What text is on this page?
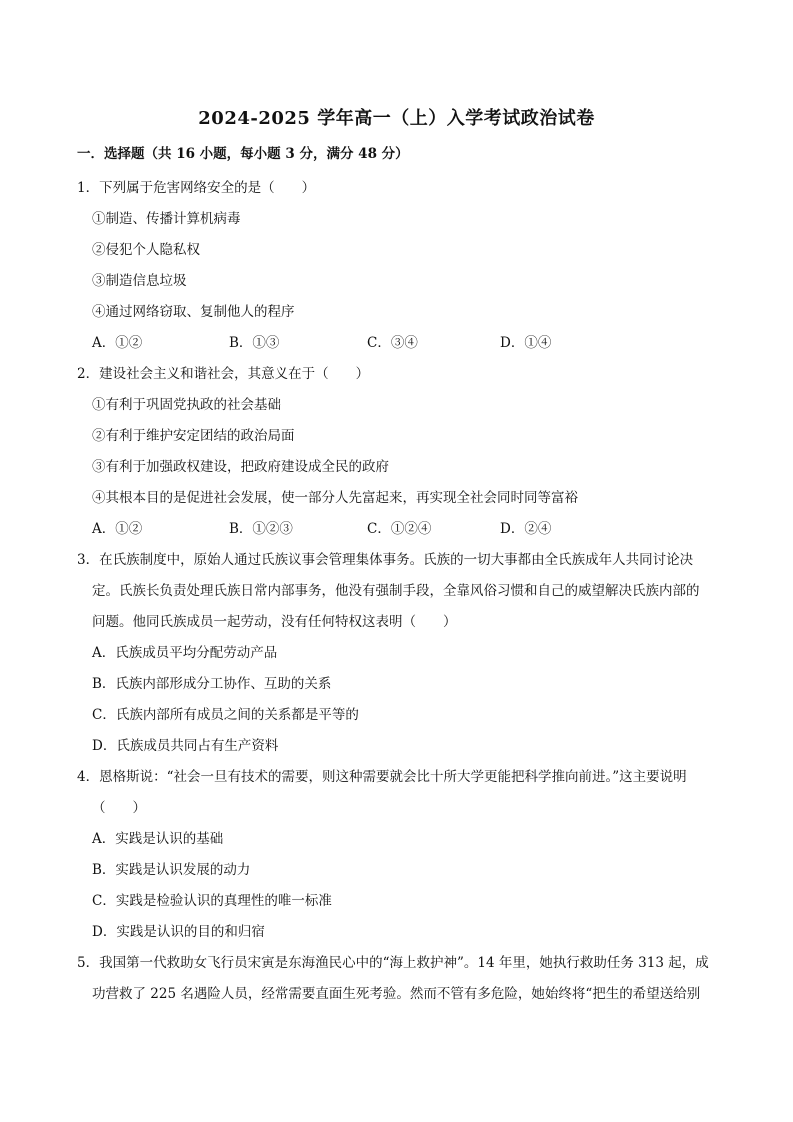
2024-2025 学年高一（上）入学考试政治试卷
一．选择题（共 16 小题，每小题 3 分，满分 48 分）
1．下列属于危害网络安全的是（　　）
①制造、传播计算机病毒
②侵犯个人隐私权
③制造信息垃圾
④通过网络窃取、复制他人的程序
A．①②	B．①③	C．③④	D．①④
2．建设社会主义和谐社会，其意义在于（　　）
①有利于巩固党执政的社会基础
②有利于维护安定团结的政治局面
③有利于加强政权建设，把政府建设成全民的政府
④其根本目的是促进社会发展，使一部分人先富起来，再实现全社会同时同等富裕
A．①②	B．①②③	C．①②④	D．②④
3．在氏族制度中，原始人通过氏族议事会管理集体事务。氏族的一切大事都由全氏族成年人共同讨论决
定。氏族长负责处理氏族日常内部事务，他没有强制手段，全靠风俗习惯和自己的威望解决氏族内部的
问题。他同氏族成员一起劳动，没有任何特权这表明（　　）
A．氏族成员平均分配劳动产品
B．氏族内部形成分工协作、互助的关系
C．氏族内部所有成员之间的关系都是平等的
D．氏族成员共同占有生产资料
4．恩格斯说：“社会一旦有技术的需要，则这种需要就会比十所大学更能把科学推向前进。”这主要说明
（　　）
A．实践是认识的基础
B．实践是认识发展的动力
C．实践是检验认识的真理性的唯一标准
D．实践是认识的目的和归宿
5．我国第一代救助女飞行员宋寅是东海渔民心中的“海上救护神”。14 年里，她执行救助任务 313 起，成
功营救了 225 名遇险人员，经常需要直面生死考验。然而不管有多危险，她始终将“把生的希望送给别
